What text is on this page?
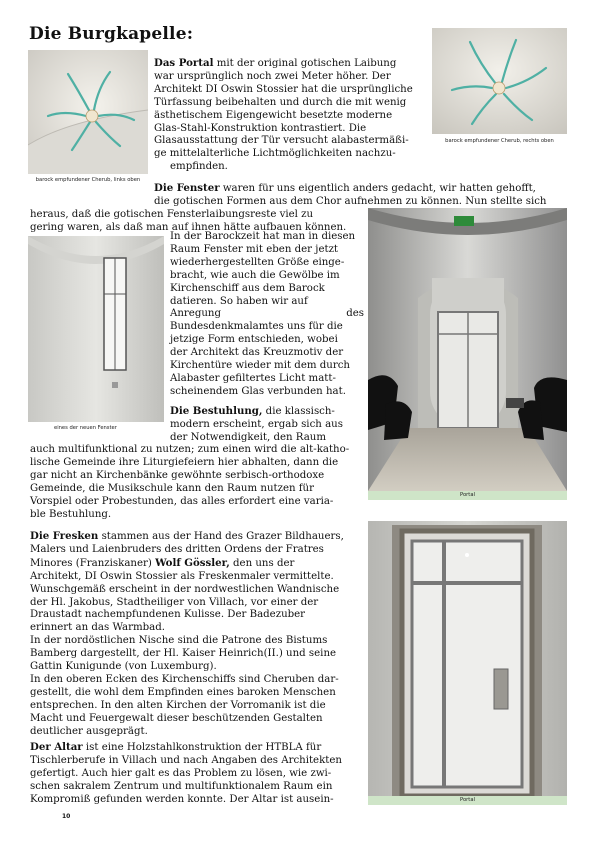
Die Burgkapelle:
barock empfundener Cherub, links oben
barock empfundener Cherub, rechts oben
Das Portal mit der original gotischen Laibung
war ursprünglich noch zwei Meter höher. Der
Architekt DI Oswin Stossier hat die ursprüngliche
Türfassung beibehalten und durch die mit wenig
ästhetischem Eigengewicht besetzte moderne
Glas-Stahl-Konstruktion kontrastiert. Die
Glasausstattung der Tür versucht alabastermäßi-
ge mittelalterliche Lichtmöglichkeiten nachzu-
empfinden.
Die Fenster waren für uns eigentlich anders gedacht, wir hatten gehofft,
die gotischen Formen aus dem Chor aufnehmen zu können. Nun stellte sich
heraus, daß die gotischen Fensterlaibungsreste viel zu
gering waren, als daß man auf ihnen hätte aufbauen können.
eines der neuen Fenster
Portal
In der Barockzeit hat man in diesen
Raum Fenster mit eben der jetzt
wiederhergestellten Größe einge-
bracht, wie auch die Gewölbe im
Kirchenschiff aus dem Barock
datieren. So haben wir auf
Anregung des
Bundesdenkmalamtes uns für die
jetzige Form entschieden, wobei
der Architekt das Kreuzmotiv der
Kirchentüre wieder mit dem durch
Alabaster gefiltertes Licht matt-
scheinendem Glas verbunden hat.
Die Bestuhlung, die klassisch-
modern erscheint, ergab sich aus
der Notwendigkeit, den Raum
auch multifunktional zu nutzen; zum einen wird die alt-katho-
lische Gemeinde ihre Liturgiefeiern hier abhalten, dann die
gar nicht an Kirchenbänke gewöhnte serbisch-orthodoxe
Gemeinde, die Musikschule kann den Raum nutzen für
Vorspiel oder Probestunden, das alles erfordert eine varia-
ble Bestuhlung.
Portal
Die Fresken stammen aus der Hand des Grazer Bildhauers,
Malers und Laienbruders des dritten Ordens der Fratres
Minores (Franziskaner) Wolf Gössler, den uns der
Architekt, DI Oswin Stossier als Freskenmaler vermittelte.
Wunschgemäß erscheint in der nordwestlichen Wandnische
der Hl. Jakobus, Stadtheiliger von Villach, vor einer der
Draustadt nachempfundenen Kulisse. Der Badezuber
erinnert an das Warmbad.
In der nordöstlichen Nische sind die Patrone des Bistums
Bamberg dargestellt, der Hl. Kaiser Heinrich(II.) und seine
Gattin Kunigunde (von Luxemburg).
In den oberen Ecken des Kirchenschiffs sind Cheruben dar-
gestellt, die wohl dem Empfinden eines baroken Menschen
entsprechen. In den alten Kirchen der Vorromanik ist die
Macht und Feuergewalt dieser beschützenden Gestalten
deutlicher ausgeprägt.
Der Altar ist eine Holzstahlkonstruktion der HTBLA für
Tischlerberufe in Villach und nach Angaben des Architekten
gefertigt. Auch hier galt es das Problem zu lösen, wie zwi-
schen sakralem Zentrum und multifunktionalem Raum ein
Kompromiß gefunden werden konnte. Der Altar ist ausein-
10
